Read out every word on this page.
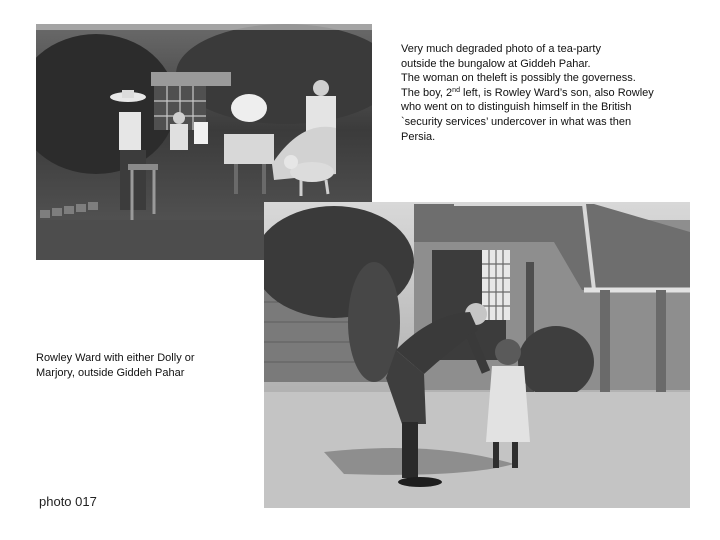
Very much degraded photo of a tea-party

outside the bungalow at Giddeh Pahar.

The woman on theleft is possibly the governess.

The boy, 2nd left, is Rowley Ward’s son, also Rowley

who went on to distinguish himself in the British

`security services’ undercover in what was then

Persia.

Rowley Ward with either Dolly or
Marjory, outside Giddeh Pahar
photo 017
